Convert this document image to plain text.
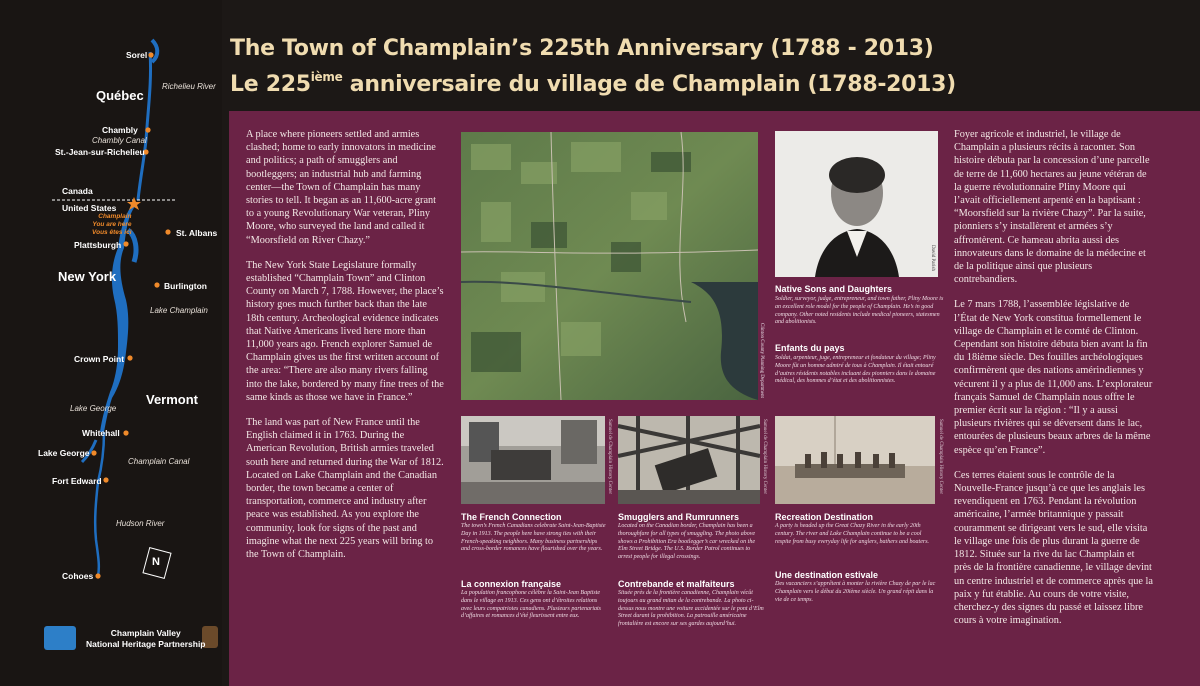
Sorel
Richelieu River
Québec
Chambly
Chambly Canal
St.-Jean-sur-Richelieu
Canada
United States
Champlain
You are here
Vous êtes ici	St. Albans
Plattsburgh
New York
Burlington
Lake Champlain
Crown Point
Vermont
Lake George
Whitehall
Lake George
Champlain Canal
Fort Edward
Hudson River
N
Cohoes
Champlain Valley
National Heritage Partnership
The Town of Champlain’s 225th Anniversary (1788 - 2013)
Le 225ième anniversaire du village de Champlain (1788-2013)

A place where pioneers settled and armies clashed; home to early innovators in medicine and politics; a path of smugglers and bootleggers; an industrial hub and farming center—the Town of Champlain has many stories to tell. It began as an 11,600-acre grant to a young Revolutionary War veteran, Pliny Moore, who surveyed the land and called it “Moorsfield on River Chazy.”

The New York State Legislature formally established “Champlain Town” and Clinton County on March 7, 1788. However, the place’s history goes much further back than the late 18th century. Archeological evidence indicates that Native Americans lived here more than 11,000 years ago. French explorer Samuel de Champlain gives us the first written account of the area: “There are also many rivers falling into the lake, bordered by many fine trees of the same kinds as those we have in France.”

The land was part of New France until the English claimed it in 1763. During the American Revolution, British armies traveled south here and returned during the War of 1812. Located on Lake Champlain and the Canadian border, the town became a center of transportation, commerce and industry after peace was established. As you explore the community, look for signs of the past and imagine what the next 225 years will bring to the Town of Champlain.

Clinton County Planning Department
David Parish
Native Sons and Daughters
Soldier, surveyor, judge, entrepreneur, and town father, Pliny Moore is an excellent role model for the people of Champlain. He’s in good company. Other noted residents include medical pioneers, statesmen and abolitionists.
Enfants du pays
Soldat, arpenteur, juge, entrepreneur et fondateur du village; Pliny Moore fût un homme admiré de tous à Champlain. Il était entouré d’autres résidents notables incluant des pionniers dans le domaine médical, des hommes d’état et des abolitionnistes.
Samuel de Champlain History Center	Samuel de Champlain History Center	Samuel de Champlain History Center
The French Connection
The town’s French Canadians celebrate Saint-Jean-Baptiste Day in 1913. The people here have strong ties with their French-speaking neighbors. Many business partnerships and cross-border romances have flourished over the years.
La connexion française
La population francophone célèbre la Saint-Jean Baptiste dans le village en 1913. Ces gens ont d’étroites relations avec leurs compatriotes canadiens. Plusieurs partenariats d’affaires et romances d’été fleurissent entre eux.
Smugglers and Rumrunners
Located on the Canadian border, Champlain has been a thoroughfare for all types of smuggling. The photo above shows a Prohibition Era bootlegger’s car wrecked on the Elm Street Bridge. The U.S. Border Patrol continues to arrest people for illegal crossings.
Contrebande et malfaiteurs
Située près de la frontière canadienne, Champlain vécût toujours au grand mitan de la contrebande. La photo ci-dessus nous montre une voiture accidentée sur le pont d’Elm Street durant la prohibition. La patrouille américaine frontalière est encore sur ses gardes aujourd’hui.
Recreation Destination
A party is headed up the Great Chazy River in the early 20th century. The river and Lake Champlain continue to be a cool respite from busy everyday life for anglers, bathers and boaters.
Une destination estivale
Des vacanciers s’apprêtent à monter la rivière Chazy de par le lac Champlain vers le début du 20ième siècle. Un grand répit dans la vie de ce temps.

Foyer agricole et industriel, le village de Champlain a plusieurs récits à raconter. Son histoire débuta par la concession d’une parcelle de terre de 11,600 hectares au jeune vétéran de la guerre révolutionnaire Pliny Moore qui l’avait officiellement arpenté en la baptisant : “Moorsfield sur la rivière Chazy”. Par la suite, pionniers s’y installèrent et armées s’y affrontèrent. Ce hameau abrita aussi des innovateurs dans le domaine de la médecine et de la politique ainsi que plusieurs contrebandiers.

Le 7 mars 1788, l’assemblée législative de l’État de New York constitua formellement le village de Champlain et le comté de Clinton. Cependant son histoire débuta bien avant la fin du 18ième siècle. Des fouilles archéologiques confirmèrent que des nations amérindiennes y vécurent il y a plus de 11,000 ans. L’explorateur français Samuel de Champlain nous offre le premier écrit sur la région : “Il y a aussi plusieurs rivières qui se déversent dans le lac, entourées de plusieurs beaux arbres de la même espèce qu’en France”.

Ces terres étaient sous le contrôle de la Nouvelle-France jusqu’à ce que les anglais les revendiquent en 1763. Pendant la révolution américaine, l’armée britannique y passait couramment se dirigeant vers le sud, elle visita le village une fois de plus durant la guerre de 1812. Située sur la rive du lac Champlain et près de la frontière canadienne, le village devint un centre industriel et de commerce après que la paix y fut établie. Au cours de votre visite, cherchez-y des signes du passé et laissez libre cours à votre imagination.
